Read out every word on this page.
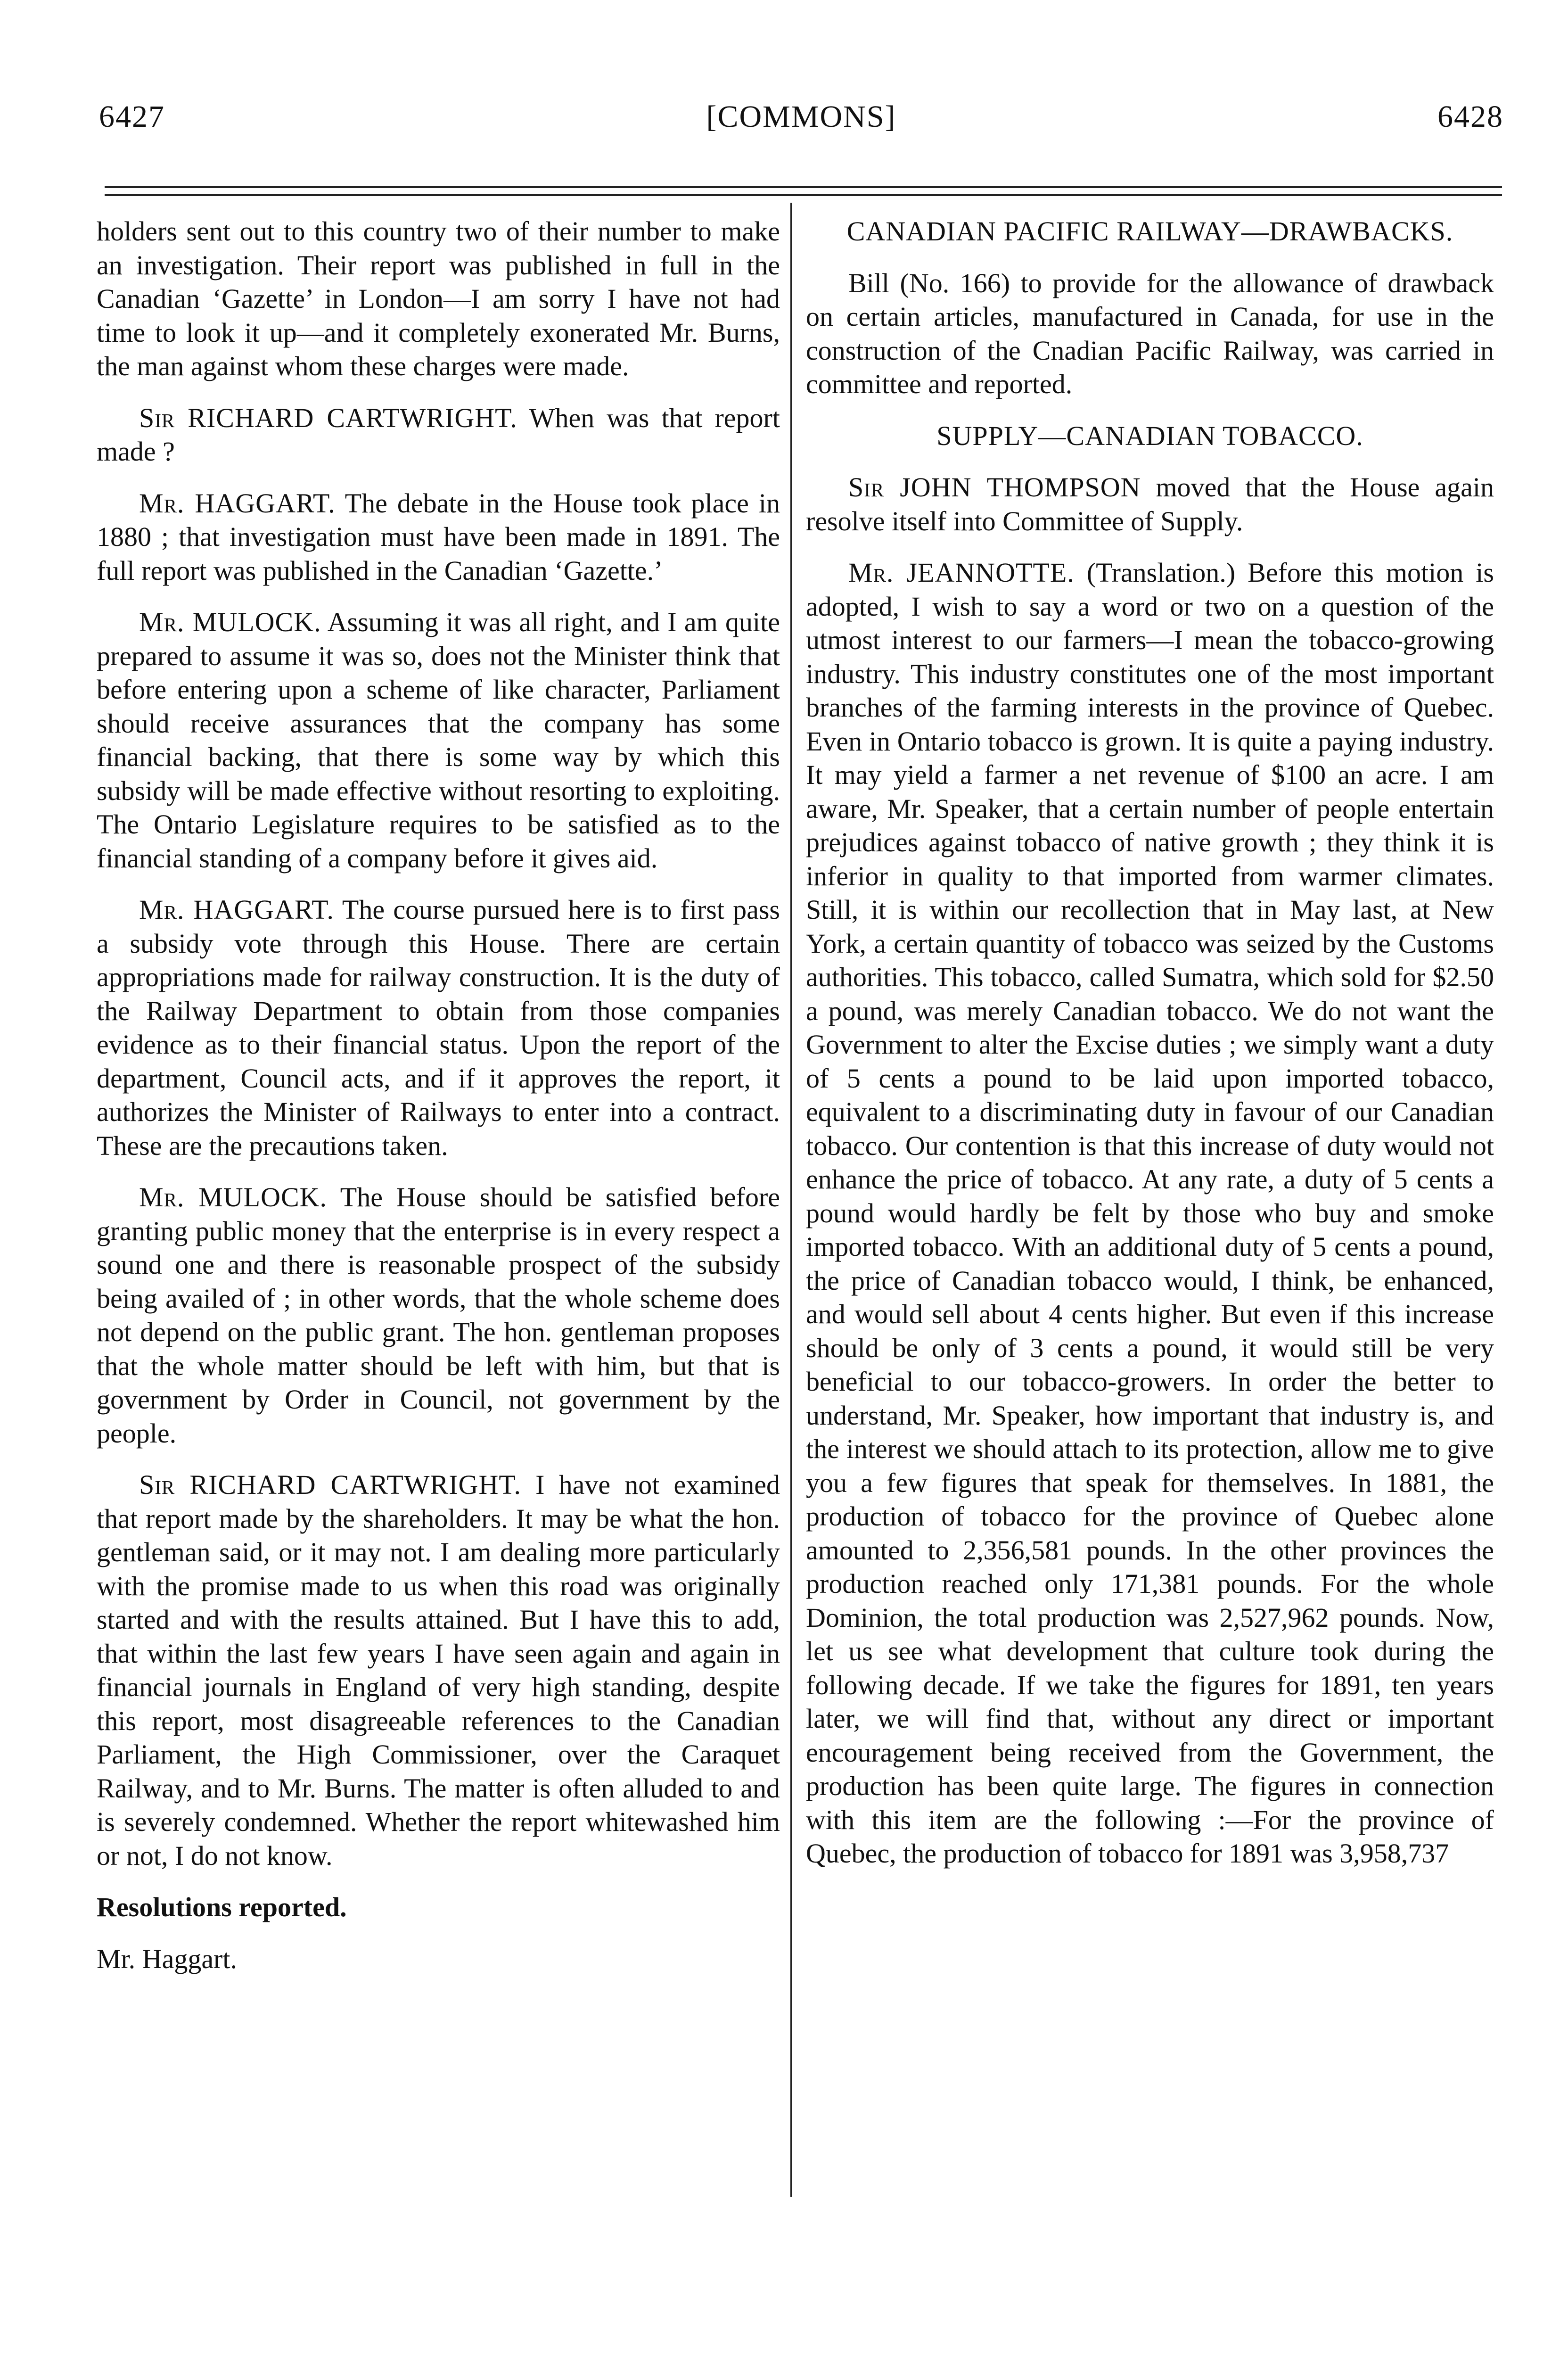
6427	[COMMONS]	6428

holders sent out to this country two of their number to make an investigation. Their report was published in full in the Canadian ‘Gazette’ in London—I am sorry I have not had time to look it up—and it completely exonerated Mr. Burns, the man against whom these charges were made.

Sir RICHARD CARTWRIGHT. When was that report made ?

Mr. HAGGART. The debate in the House took place in 1880 ; that investigation must have been made in 1891. The full report was published in the Canadian ‘Gazette.’

Mr. MULOCK. Assuming it was all right, and I am quite prepared to assume it was so, does not the Minister think that before entering upon a scheme of like character, Parliament should receive assurances that the company has some financial backing, that there is some way by which this subsidy will be made effective without resorting to exploiting. The Ontario Legislature requires to be satisfied as to the financial standing of a company before it gives aid.

Mr. HAGGART. The course pursued here is to first pass a subsidy vote through this House. There are certain appropriations made for railway construction. It is the duty of the Railway Department to obtain from those companies evidence as to their financial status. Upon the report of the department, Council acts, and if it approves the report, it authorizes the Minister of Railways to enter into a contract. These are the precautions taken.

Mr. MULOCK. The House should be satisfied before granting public money that the enterprise is in every respect a sound one and there is reasonable prospect of the subsidy being availed of ; in other words, that the whole scheme does not depend on the public grant. The hon. gentleman proposes that the whole matter should be left with him, but that is government by Order in Council, not government by the people.

Sir RICHARD CARTWRIGHT. I have not examined that report made by the shareholders. It may be what the hon. gentleman said, or it may not. I am dealing more particularly with the promise made to us when this road was originally started and with the results attained. But I have this to add, that within the last few years I have seen again and again in financial journals in England of very high standing, despite this report, most disagreeable references to the Canadian Parliament, the High Commissioner, over the Caraquet Railway, and to Mr. Burns. The matter is often alluded to and is severely condemned. Whether the report whitewashed him or not, I do not know.

Resolutions reported.

Mr. Haggart.

CANADIAN PACIFIC RAILWAY—DRAWBACKS.

Bill (No. 166) to provide for the allowance of drawback on certain articles, manufactured in Canada, for use in the construction of the Cnadian Pacific Railway, was carried in committee and reported.

SUPPLY—CANADIAN TOBACCO.

Sir JOHN THOMPSON moved that the House again resolve itself into Committee of Supply.

Mr. JEANNOTTE. (Translation.) Before this motion is adopted, I wish to say a word or two on a question of the utmost interest to our farmers—I mean the tobacco-growing industry. This industry constitutes one of the most important branches of the farming interests in the province of Quebec. Even in Ontario tobacco is grown. It is quite a paying industry. It may yield a farmer a net revenue of $100 an acre. I am aware, Mr. Speaker, that a certain number of people entertain prejudices against tobacco of native growth ; they think it is inferior in quality to that imported from warmer climates. Still, it is within our recollection that in May last, at New York, a certain quantity of tobacco was seized by the Customs authorities. This tobacco, called Sumatra, which sold for $2.50 a pound, was merely Canadian tobacco. We do not want the Government to alter the Excise duties ; we simply want a duty of 5 cents a pound to be laid upon imported tobacco, equivalent to a discriminating duty in favour of our Canadian tobacco. Our contention is that this increase of duty would not enhance the price of tobacco. At any rate, a duty of 5 cents a pound would hardly be felt by those who buy and smoke imported tobacco. With an additional duty of 5 cents a pound, the price of Canadian tobacco would, I think, be enhanced, and would sell about 4 cents higher. But even if this increase should be only of 3 cents a pound, it would still be very beneficial to our tobacco-growers. In order the better to understand, Mr. Speaker, how important that industry is, and the interest we should attach to its protection, allow me to give you a few figures that speak for themselves. In 1881, the production of tobacco for the province of Quebec alone amounted to 2,356,581 pounds. In the other provinces the production reached only 171,381 pounds. For the whole Dominion, the total production was 2,527,962 pounds. Now, let us see what development that culture took during the following decade. If we take the figures for 1891, ten years later, we will find that, without any direct or important encouragement being received from the Government, the production has been quite large. The figures in connection with this item are the following :—For the province of Quebec, the production of tobacco for 1891 was 3,958,737
